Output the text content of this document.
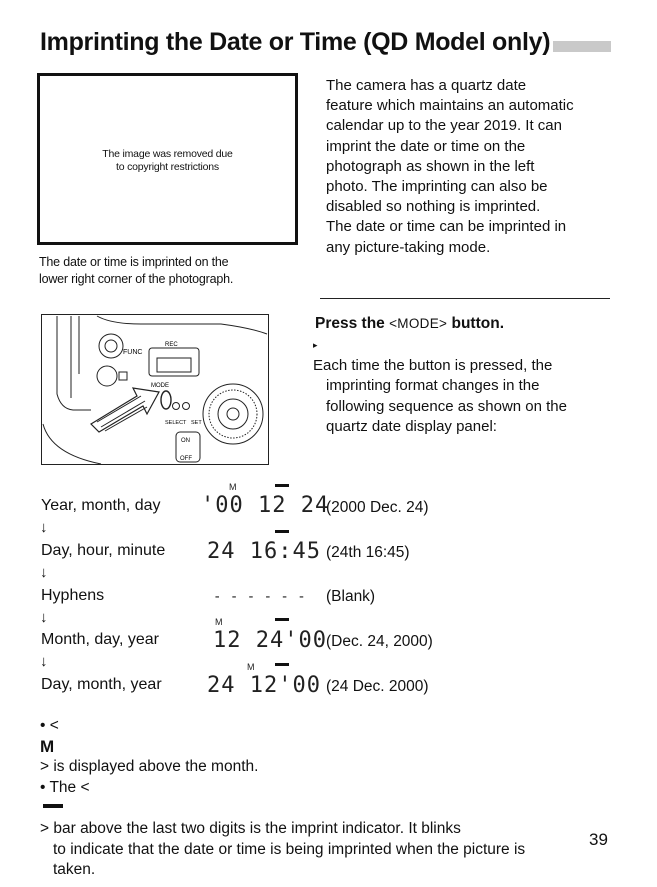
Imprinting the Date or Time (QD Model only)
The image was removed due
to copyright restrictions
The date or time is imprinted on the
lower right corner of the photograph.
The camera has a quartz date
feature which maintains an automatic
calendar up to the year 2019. It can
imprint the date or time on the
photograph as shown in the left
photo. The imprinting can also be
disabled so nothing is imprinted.
The date or time can be imprinted in
any picture-taking mode.
FUNC
REC
MODE
SELECT SET
ON
OFF
Press the <MODE> button.
▸
Each time the button is pressed, the
imprinting format changes in the
following sequence as shown on the
quartz date display panel:
Year, month, day
↓
Day, hour, minute
↓
Hyphens
↓
Month, day, year
↓
Day, month, year
M
'00 12 24
24 16:45
- - - - - -
M
12 24'00
M
24 12'00
(2000 Dec. 24)
(24th 16:45)
(Blank)
(Dec. 24, 2000)
(24 Dec. 2000)
• <
M
> is displayed above the month.
• The <
> bar above the last two digits is the imprint indicator. It blinks
to indicate that the date or time is being imprinted when the picture is
taken.
39
